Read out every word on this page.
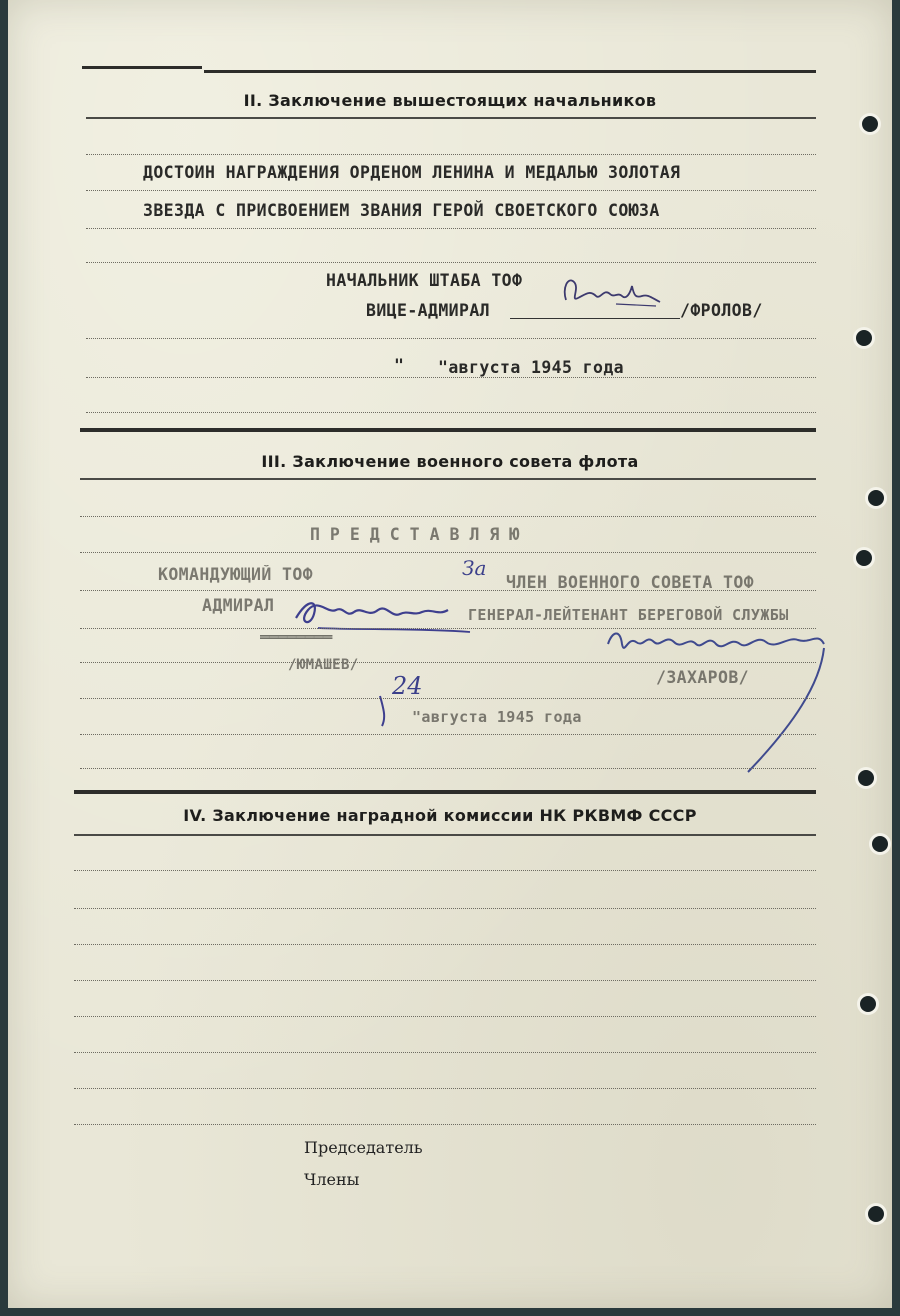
II. Заключение вышестоящих начальников
ДОСТОИН НАГРАЖДЕНИЯ ОРДЕНОМ ЛЕНИНА И МЕДАЛЬЮ ЗОЛОТАЯ
ЗВЕЗДА С ПРИСВОЕНИЕМ ЗВАНИЯ ГЕРОЙ СВОЕТСКОГО СОЮЗА
НАЧАЛЬНИК ШТАБА ТОФ
ВИЦЕ-АДМИРАЛ	/ФРОЛОВ/
" "августа 1945 года
III. Заключение военного совета флота
ПРЕДСТАВЛЯЮ
КОМАНДУЮЩИЙ ТОФ	ЧЛЕН ВОЕННОГО СОВЕТА ТОФ
За
АДМИРАЛ	ГЕНЕРАЛ-ЛЕЙТЕНАНТ БЕРЕГОВОЙ СЛУЖБЫ
‗‗‗‗‗‗‗‗
/ЮМАШЕВ/
/ЗАХАРОВ/
24
"августа 1945 года
IV. Заключение наградной комиссии НК РКВМФ СССР
Председатель
Члены
